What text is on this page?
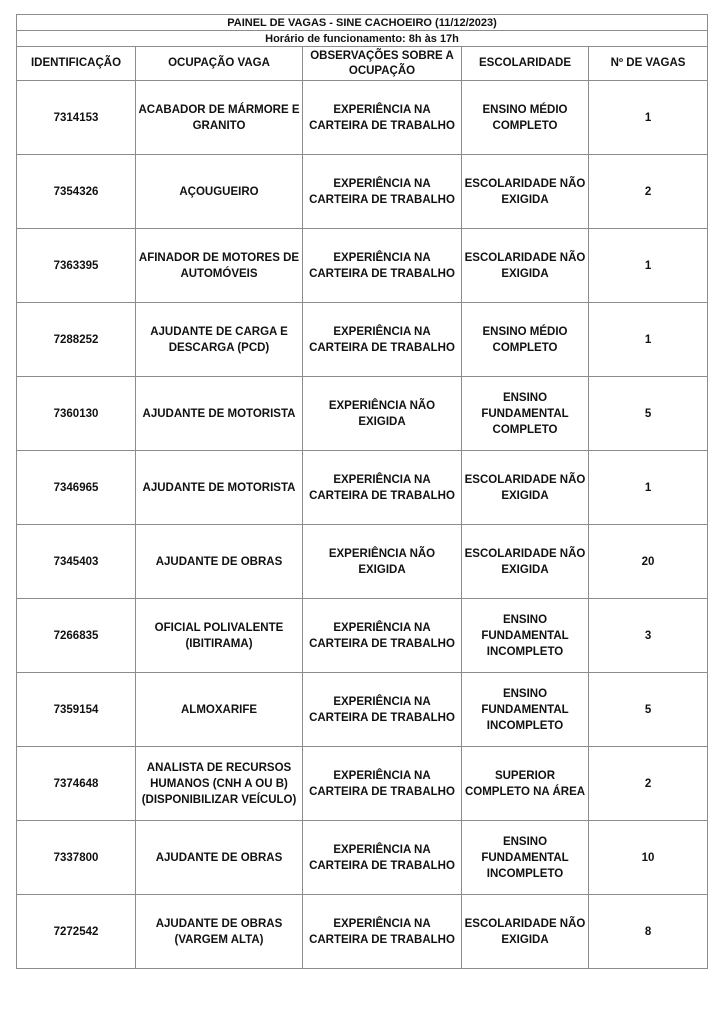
PAINEL DE VAGAS - SINE CACHOEIRO (11/12/2023)				
Horário de funcionamento: 8h às 17h				
IDENTIFICAÇÃO	OCUPAÇÃO VAGA	OBSERVAÇÕES SOBRE A OCUPAÇÃO	ESCOLARIDADE	Nº DE VAGAS
7314153	ACABADOR DE MÁRMORE E GRANITO	EXPERIÊNCIA NA CARTEIRA DE TRABALHO	ENSINO MÉDIO COMPLETO	1
7354326	AÇOUGUEIRO	EXPERIÊNCIA NA CARTEIRA DE TRABALHO	ESCOLARIDADE NÃO EXIGIDA	2
7363395	AFINADOR DE MOTORES DE AUTOMÓVEIS	EXPERIÊNCIA NA CARTEIRA DE TRABALHO	ESCOLARIDADE NÃO EXIGIDA	1
7288252	AJUDANTE DE CARGA E DESCARGA (PCD)	EXPERIÊNCIA NA CARTEIRA DE TRABALHO	ENSINO MÉDIO COMPLETO	1
7360130	AJUDANTE DE MOTORISTA	EXPERIÊNCIA NÃO EXIGIDA	ENSINO FUNDAMENTAL COMPLETO	5
7346965	AJUDANTE DE MOTORISTA	EXPERIÊNCIA NA CARTEIRA DE TRABALHO	ESCOLARIDADE NÃO EXIGIDA	1
7345403	AJUDANTE DE OBRAS	EXPERIÊNCIA NÃO EXIGIDA	ESCOLARIDADE NÃO EXIGIDA	20
7266835	OFICIAL POLIVALENTE (IBITIRAMA)	EXPERIÊNCIA NA CARTEIRA DE TRABALHO	ENSINO FUNDAMENTAL INCOMPLETO	3
7359154	ALMOXARIFE	EXPERIÊNCIA NA CARTEIRA DE TRABALHO	ENSINO FUNDAMENTAL INCOMPLETO	5
7374648	ANALISTA DE RECURSOS HUMANOS (CNH A OU B) (DISPONIBILIZAR VEÍCULO)	EXPERIÊNCIA NA CARTEIRA DE TRABALHO	SUPERIOR COMPLETO NA ÁREA	2
7337800	AJUDANTE DE OBRAS	EXPERIÊNCIA NA CARTEIRA DE TRABALHO	ENSINO FUNDAMENTAL INCOMPLETO	10
7272542	AJUDANTE DE OBRAS (VARGEM ALTA)	EXPERIÊNCIA NA CARTEIRA DE TRABALHO	ESCOLARIDADE NÃO EXIGIDA	8
